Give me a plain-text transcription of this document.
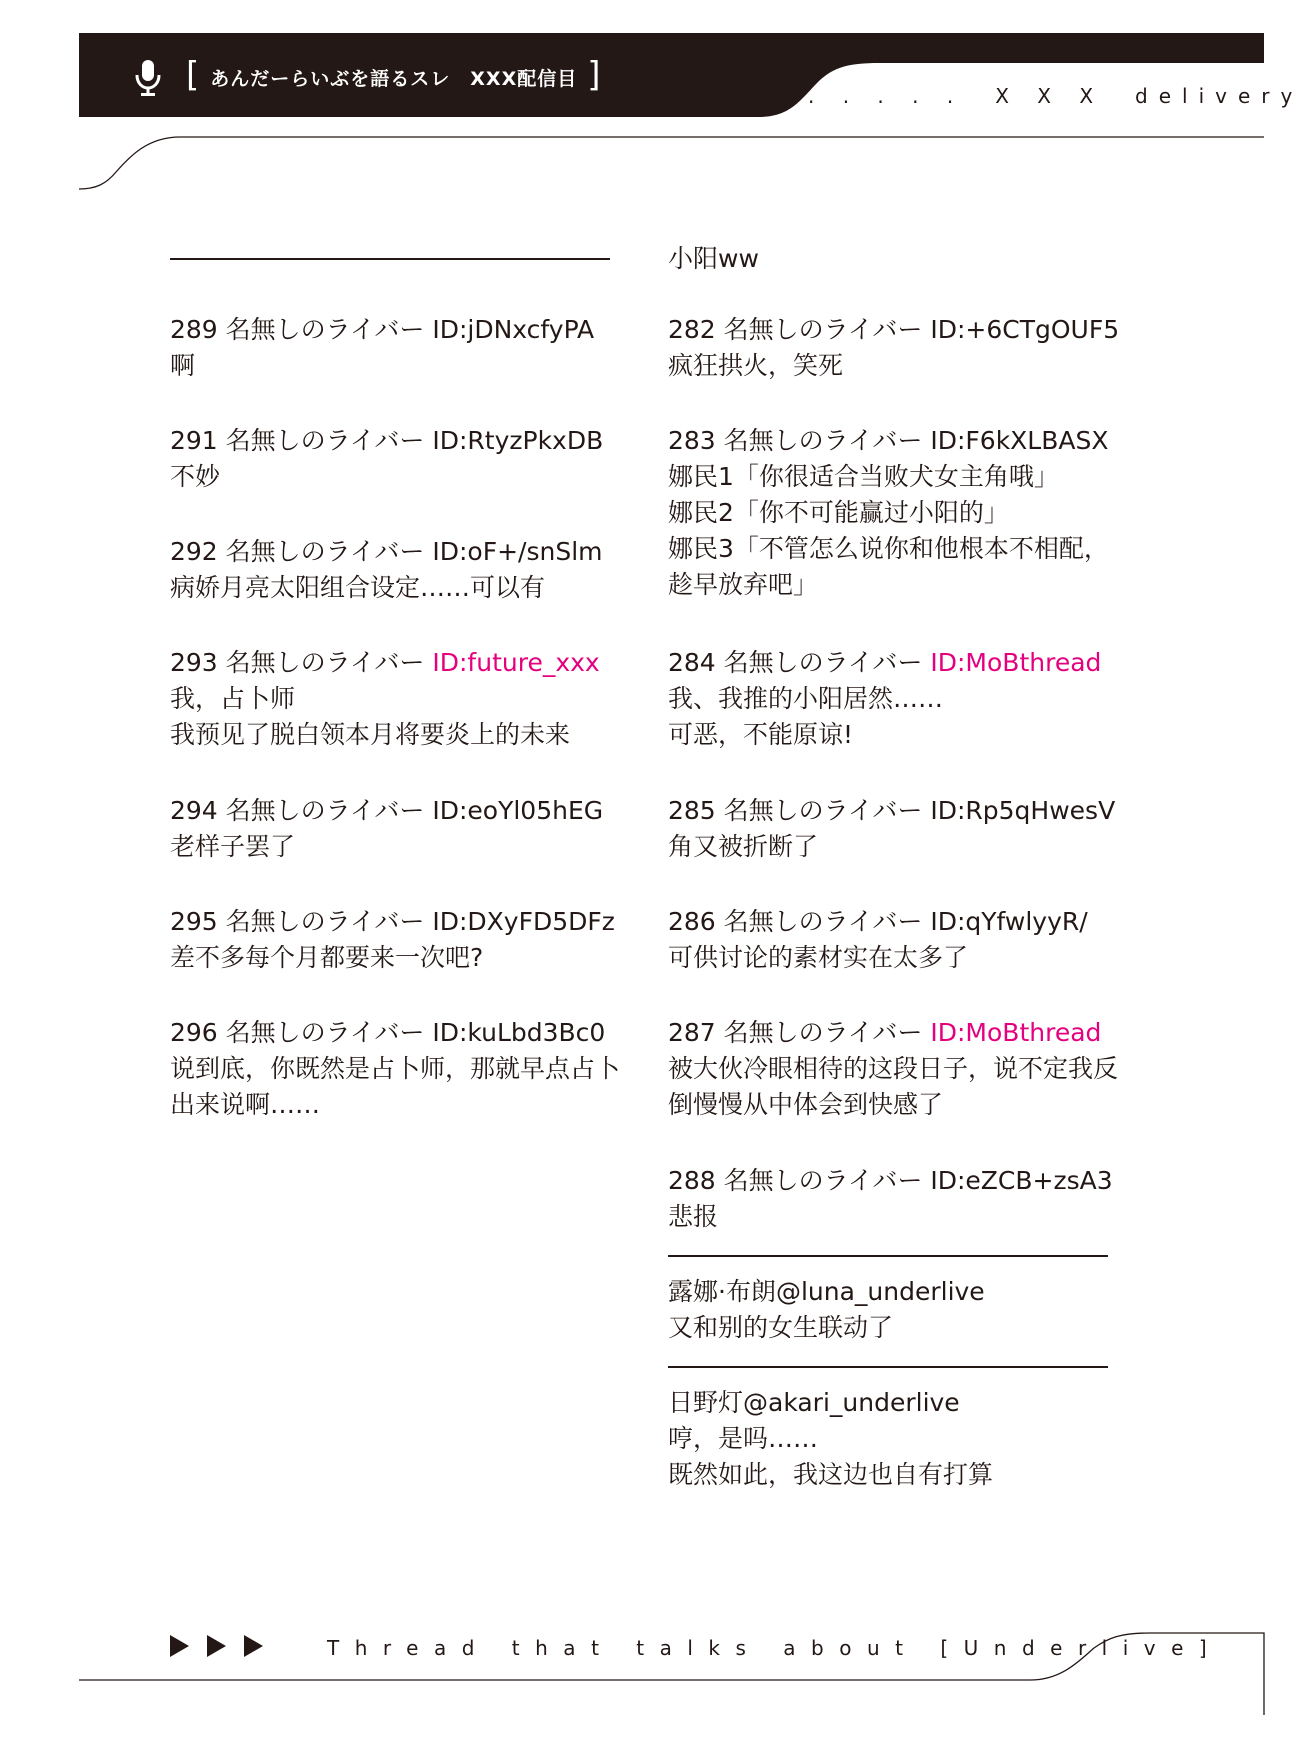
[ あんだーらいぶを語るスレ　XXX配信目 ]
. . . . .　X X X　delivery
289 名無しのライバー ID:jDNxcfyPA
啊
291 名無しのライバー ID:RtyzPkxDB
不妙
292 名無しのライバー ID:oF+/snSlm
病娇月亮太阳组合设定……可以有
293 名無しのライバー ID:future_xxx
我，占卜师
我预见了脱白领本月将要炎上的未来
294 名無しのライバー ID:eoYl05hEG
老样子罢了
295 名無しのライバー ID:DXyFD5DFz
差不多每个月都要来一次吧?
296 名無しのライバー ID:kuLbd3Bc0
说到底，你既然是占卜师，那就早点占卜
出来说啊……
小阳ww
282 名無しのライバー ID:+6CTgOUF5
疯狂拱火，笑死
283 名無しのライバー ID:F6kXLBASX
娜民1「你很适合当败犬女主角哦」
娜民2「你不可能赢过小阳的」
娜民3「不管怎么说你和他根本不相配，
趁早放弃吧」
284 名無しのライバー ID:MoBthread
我、我推的小阳居然……
可恶，不能原谅!
285 名無しのライバー ID:Rp5qHwesV
角又被折断了
286 名無しのライバー ID:qYfwlyyR/
可供讨论的素材实在太多了
287 名無しのライバー ID:MoBthread
被大伙冷眼相待的这段日子，说不定我反
倒慢慢从中体会到快感了
288 名無しのライバー ID:eZCB+zsA3
悲报
露娜·布朗@luna_underlive
又和别的女生联动了
日野灯@akari_underlive
哼，是吗……
既然如此，我这边也自有打算
Thread that talks about [Underlive]
